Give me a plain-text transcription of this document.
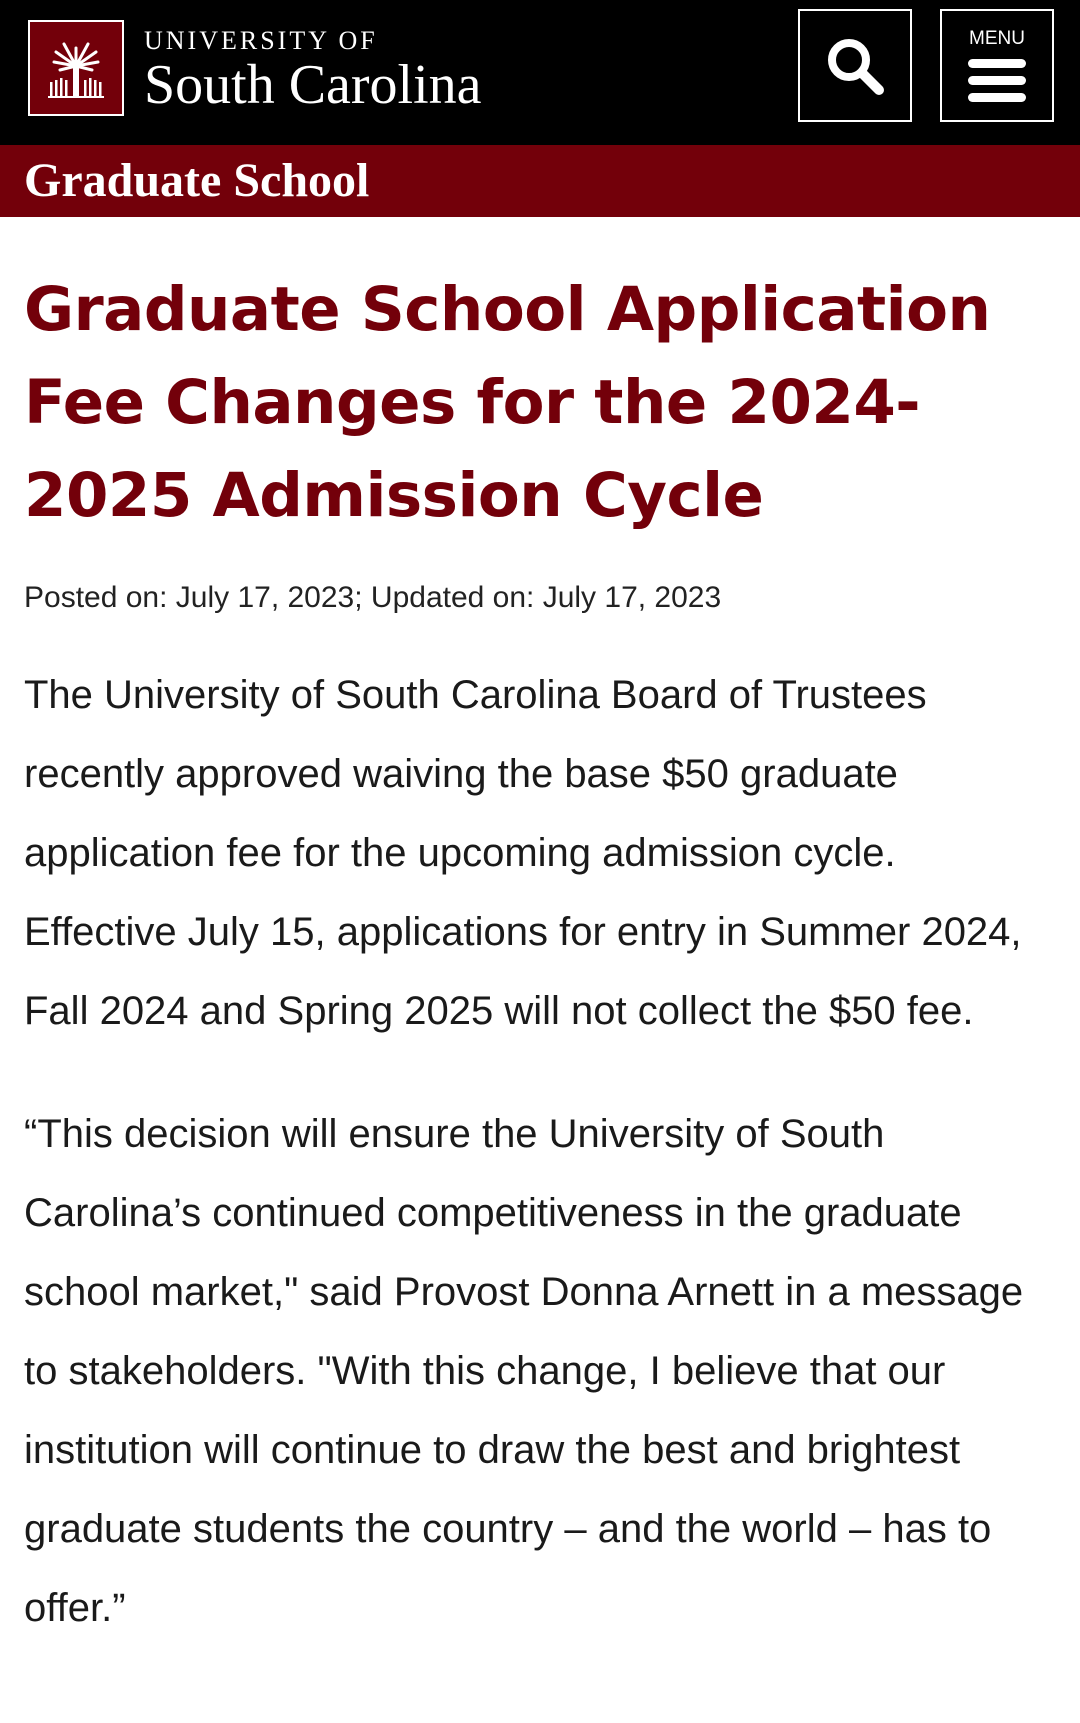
UNIVERSITY OF
South Carolina
MENU
Graduate School
Graduate School Application Fee Changes for the 2024-2025 Admission Cycle

Posted on: July 17, 2023; Updated on: July 17, 2023

The University of South Carolina Board of Trustees recently approved waiving the base $50 graduate application fee for the upcoming admission cycle. Effective July 15, applications for entry in Summer 2024, Fall 2024 and Spring 2025 will not collect the $50 fee.

“This decision will ensure the University of South Carolina’s continued competitiveness in the graduate school market," said Provost Donna Arnett in a message to stakeholders. "With this change, I believe that our institution will continue to draw the best and brightest graduate students the country – and the world – has to offer.”
